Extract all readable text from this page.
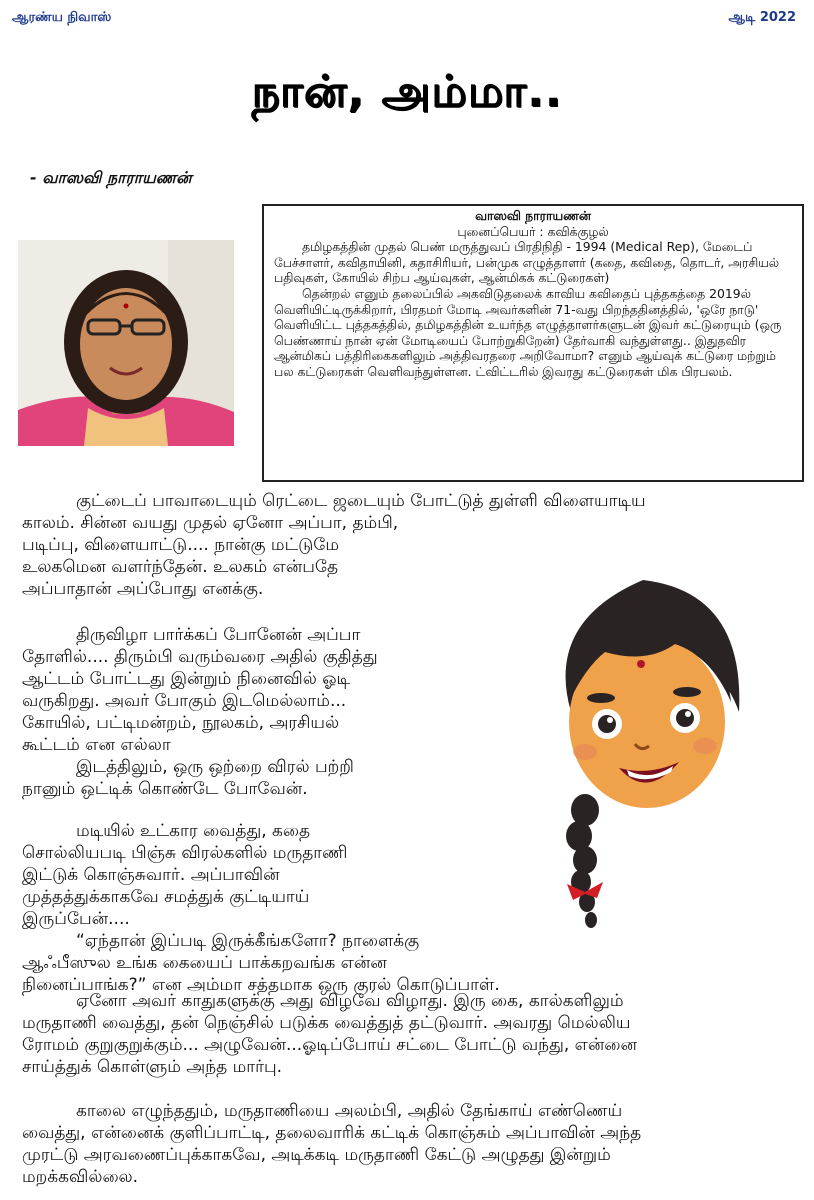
ஆரண்ய நிவாஸ்	ஆடி 2022
நான், அம்மா..
- வாஸவி நாராயணன்
வாஸவி நாராயணன்
புனைப்பெயர் : கவிக்குழல்

தமிழகத்தின் முதல் பெண் மருத்துவப் பிரதிநிதி - 1994 (Medical Rep), மேடைப் பேச்சாளர், கவிதாயினி, கதாசிரியர், பன்முக எழுத்தாளர் (கதை, கவிதை, தொடர், அரசியல் பதிவுகள், கோயில் சிற்ப ஆய்வுகள், ஆன்மிகக் கட்டுரைகள்)

தென்றல் எனும் தலைப்பில் அகவிடுதலைக் காவிய கவிதைப் புத்தகத்தை 2019ல் வெளியிட்டிருக்கிறார், பிரதமர் மோடி அவர்களின் 71-வது பிறந்ததினத்தில், 'ஒரே நாடு' வெளியிட்ட புத்தகத்தில், தமிழகத்தின் உயர்ந்த எழுத்தாளர்களுடன் இவர் கட்டுரையும் (ஒரு பெண்ணாய் நான் ஏன் மோடியைப் போற்றுகிறேன்) தேர்வாகி வந்துள்ளது.. இதுதவிர ஆன்மிகப் பத்திரிகைகளிலும் அத்திவரதரை அறிவோமா? எனும் ஆய்வுக் கட்டுரை மற்றும் பல கட்டுரைகள் வெளிவந்துள்ளன. ட்விட்டரில் இவரது கட்டுரைகள் மிக பிரபலம்.

குட்டைப் பாவாடையும் ரெட்டை ஜடையும் போட்டுத் துள்ளி விளையாடிய
காலம். சின்ன வயது முதல் ஏனோ அப்பா, தம்பி,
படிப்பு, விளையாட்டு.... நான்கு மட்டுமே
உலகமென வளர்ந்தேன். உலகம் என்பதே
அப்பாதான் அப்போது எனக்கு.
திருவிழா பார்க்கப் போனேன் அப்பா
தோளில்.... திரும்பி வரும்வரை அதில் குதித்து
ஆட்டம் போட்டது இன்றும் நினைவில் ஓடி
வருகிறது. அவர் போகும் இடமெல்லாம்...
கோயில், பட்டிமன்றம், நூலகம், அரசியல்
கூட்டம் என எல்லா
இடத்திலும், ஒரு ஒற்றை விரல் பற்றி
நானும் ஒட்டிக் கொண்டே போவேன்.
மடியில் உட்கார வைத்து, கதை
சொல்லியபடி பிஞ்சு விரல்களில் மருதாணி
இட்டுக் கொஞ்சுவார். அப்பாவின்
முத்தத்துக்காகவே சமத்துக் குட்டியாய்
இருப்பேன்....
“ஏந்தான் இப்படி இருக்கீங்களோ? நாளைக்கு
ஆஃபீஸுல உங்க கையைப் பாக்கறவங்க என்ன
நினைப்பாங்க?” என அம்மா சத்தமாக ஒரு குரல் கொடுப்பாள்.
ஏனோ அவர் காதுகளுக்கு அது விழவே விழாது. இரு கை, கால்களிலும்
மருதாணி வைத்து, தன் நெஞ்சில் படுக்க வைத்துத் தட்டுவார். அவரது மெல்லிய
ரோமம் குறுகுறுக்கும்... அழுவேன்...ஓடிப்போய் சட்டை போட்டு வந்து, என்னை
சாய்த்துக் கொள்ளும் அந்த மார்பு.
காலை எழுந்ததும், மருதாணியை அலம்பி, அதில் தேங்காய் எண்ணெய்
வைத்து, என்னைக் குளிப்பாட்டி, தலைவாரிக் கட்டிக் கொஞ்சும் அப்பாவின் அந்த
முரட்டு அரவணைப்புக்காகவே, அடிக்கடி மருதாணி கேட்டு அழுதது இன்றும்
மறக்கவில்லை.
